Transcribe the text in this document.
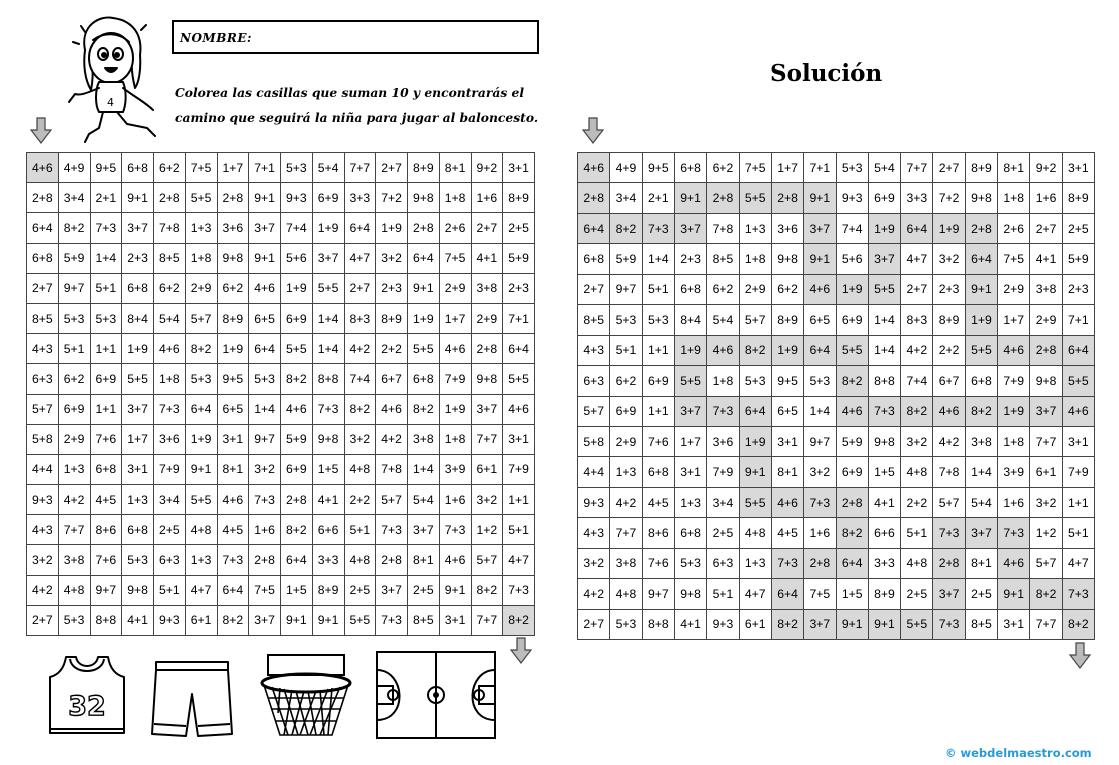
4
NOMBRE:
Colorea las casillas que suman 10 y encontrarás el camino que seguirá la niña para jugar al baloncesto.
Solución
4+6	4+9	9+5	6+8	6+2	7+5	1+7	7+1	5+3	5+4	7+7	2+7	8+9	8+1	9+2	3+1
2+8	3+4	2+1	9+1	2+8	5+5	2+8	9+1	9+3	6+9	3+3	7+2	9+8	1+8	1+6	8+9
6+4	8+2	7+3	3+7	7+8	1+3	3+6	3+7	7+4	1+9	6+4	1+9	2+8	2+6	2+7	2+5
6+8	5+9	1+4	2+3	8+5	1+8	9+8	9+1	5+6	3+7	4+7	3+2	6+4	7+5	4+1	5+9
2+7	9+7	5+1	6+8	6+2	2+9	6+2	4+6	1+9	5+5	2+7	2+3	9+1	2+9	3+8	2+3
8+5	5+3	5+3	8+4	5+4	5+7	8+9	6+5	6+9	1+4	8+3	8+9	1+9	1+7	2+9	7+1
4+3	5+1	1+1	1+9	4+6	8+2	1+9	6+4	5+5	1+4	4+2	2+2	5+5	4+6	2+8	6+4
6+3	6+2	6+9	5+5	1+8	5+3	9+5	5+3	8+2	8+8	7+4	6+7	6+8	7+9	9+8	5+5
5+7	6+9	1+1	3+7	7+3	6+4	6+5	1+4	4+6	7+3	8+2	4+6	8+2	1+9	3+7	4+6
5+8	2+9	7+6	1+7	3+6	1+9	3+1	9+7	5+9	9+8	3+2	4+2	3+8	1+8	7+7	3+1
4+4	1+3	6+8	3+1	7+9	9+1	8+1	3+2	6+9	1+5	4+8	7+8	1+4	3+9	6+1	7+9
9+3	4+2	4+5	1+3	3+4	5+5	4+6	7+3	2+8	4+1	2+2	5+7	5+4	1+6	3+2	1+1
4+3	7+7	8+6	6+8	2+5	4+8	4+5	1+6	8+2	6+6	5+1	7+3	3+7	7+3	1+2	5+1
3+2	3+8	7+6	5+3	6+3	1+3	7+3	2+8	6+4	3+3	4+8	2+8	8+1	4+6	5+7	4+7
4+2	4+8	9+7	9+8	5+1	4+7	6+4	7+5	1+5	8+9	2+5	3+7	2+5	9+1	8+2	7+3
2+7	5+3	8+8	4+1	9+3	6+1	8+2	3+7	9+1	9+1	5+5	7+3	8+5	3+1	7+7	8+2
4+6	4+9	9+5	6+8	6+2	7+5	1+7	7+1	5+3	5+4	7+7	2+7	8+9	8+1	9+2	3+1
2+8	3+4	2+1	9+1	2+8	5+5	2+8	9+1	9+3	6+9	3+3	7+2	9+8	1+8	1+6	8+9
6+4	8+2	7+3	3+7	7+8	1+3	3+6	3+7	7+4	1+9	6+4	1+9	2+8	2+6	2+7	2+5
6+8	5+9	1+4	2+3	8+5	1+8	9+8	9+1	5+6	3+7	4+7	3+2	6+4	7+5	4+1	5+9
2+7	9+7	5+1	6+8	6+2	2+9	6+2	4+6	1+9	5+5	2+7	2+3	9+1	2+9	3+8	2+3
8+5	5+3	5+3	8+4	5+4	5+7	8+9	6+5	6+9	1+4	8+3	8+9	1+9	1+7	2+9	7+1
4+3	5+1	1+1	1+9	4+6	8+2	1+9	6+4	5+5	1+4	4+2	2+2	5+5	4+6	2+8	6+4
6+3	6+2	6+9	5+5	1+8	5+3	9+5	5+3	8+2	8+8	7+4	6+7	6+8	7+9	9+8	5+5
5+7	6+9	1+1	3+7	7+3	6+4	6+5	1+4	4+6	7+3	8+2	4+6	8+2	1+9	3+7	4+6
5+8	2+9	7+6	1+7	3+6	1+9	3+1	9+7	5+9	9+8	3+2	4+2	3+8	1+8	7+7	3+1
4+4	1+3	6+8	3+1	7+9	9+1	8+1	3+2	6+9	1+5	4+8	7+8	1+4	3+9	6+1	7+9
9+3	4+2	4+5	1+3	3+4	5+5	4+6	7+3	2+8	4+1	2+2	5+7	5+4	1+6	3+2	1+1
4+3	7+7	8+6	6+8	2+5	4+8	4+5	1+6	8+2	6+6	5+1	7+3	3+7	7+3	1+2	5+1
3+2	3+8	7+6	5+3	6+3	1+3	7+3	2+8	6+4	3+3	4+8	2+8	8+1	4+6	5+7	4+7
4+2	4+8	9+7	9+8	5+1	4+7	6+4	7+5	1+5	8+9	2+5	3+7	2+5	9+1	8+2	7+3
2+7	5+3	8+8	4+1	9+3	6+1	8+2	3+7	9+1	9+1	5+5	7+3	8+5	3+1	7+7	8+2
32
© webdelmaestro.com
